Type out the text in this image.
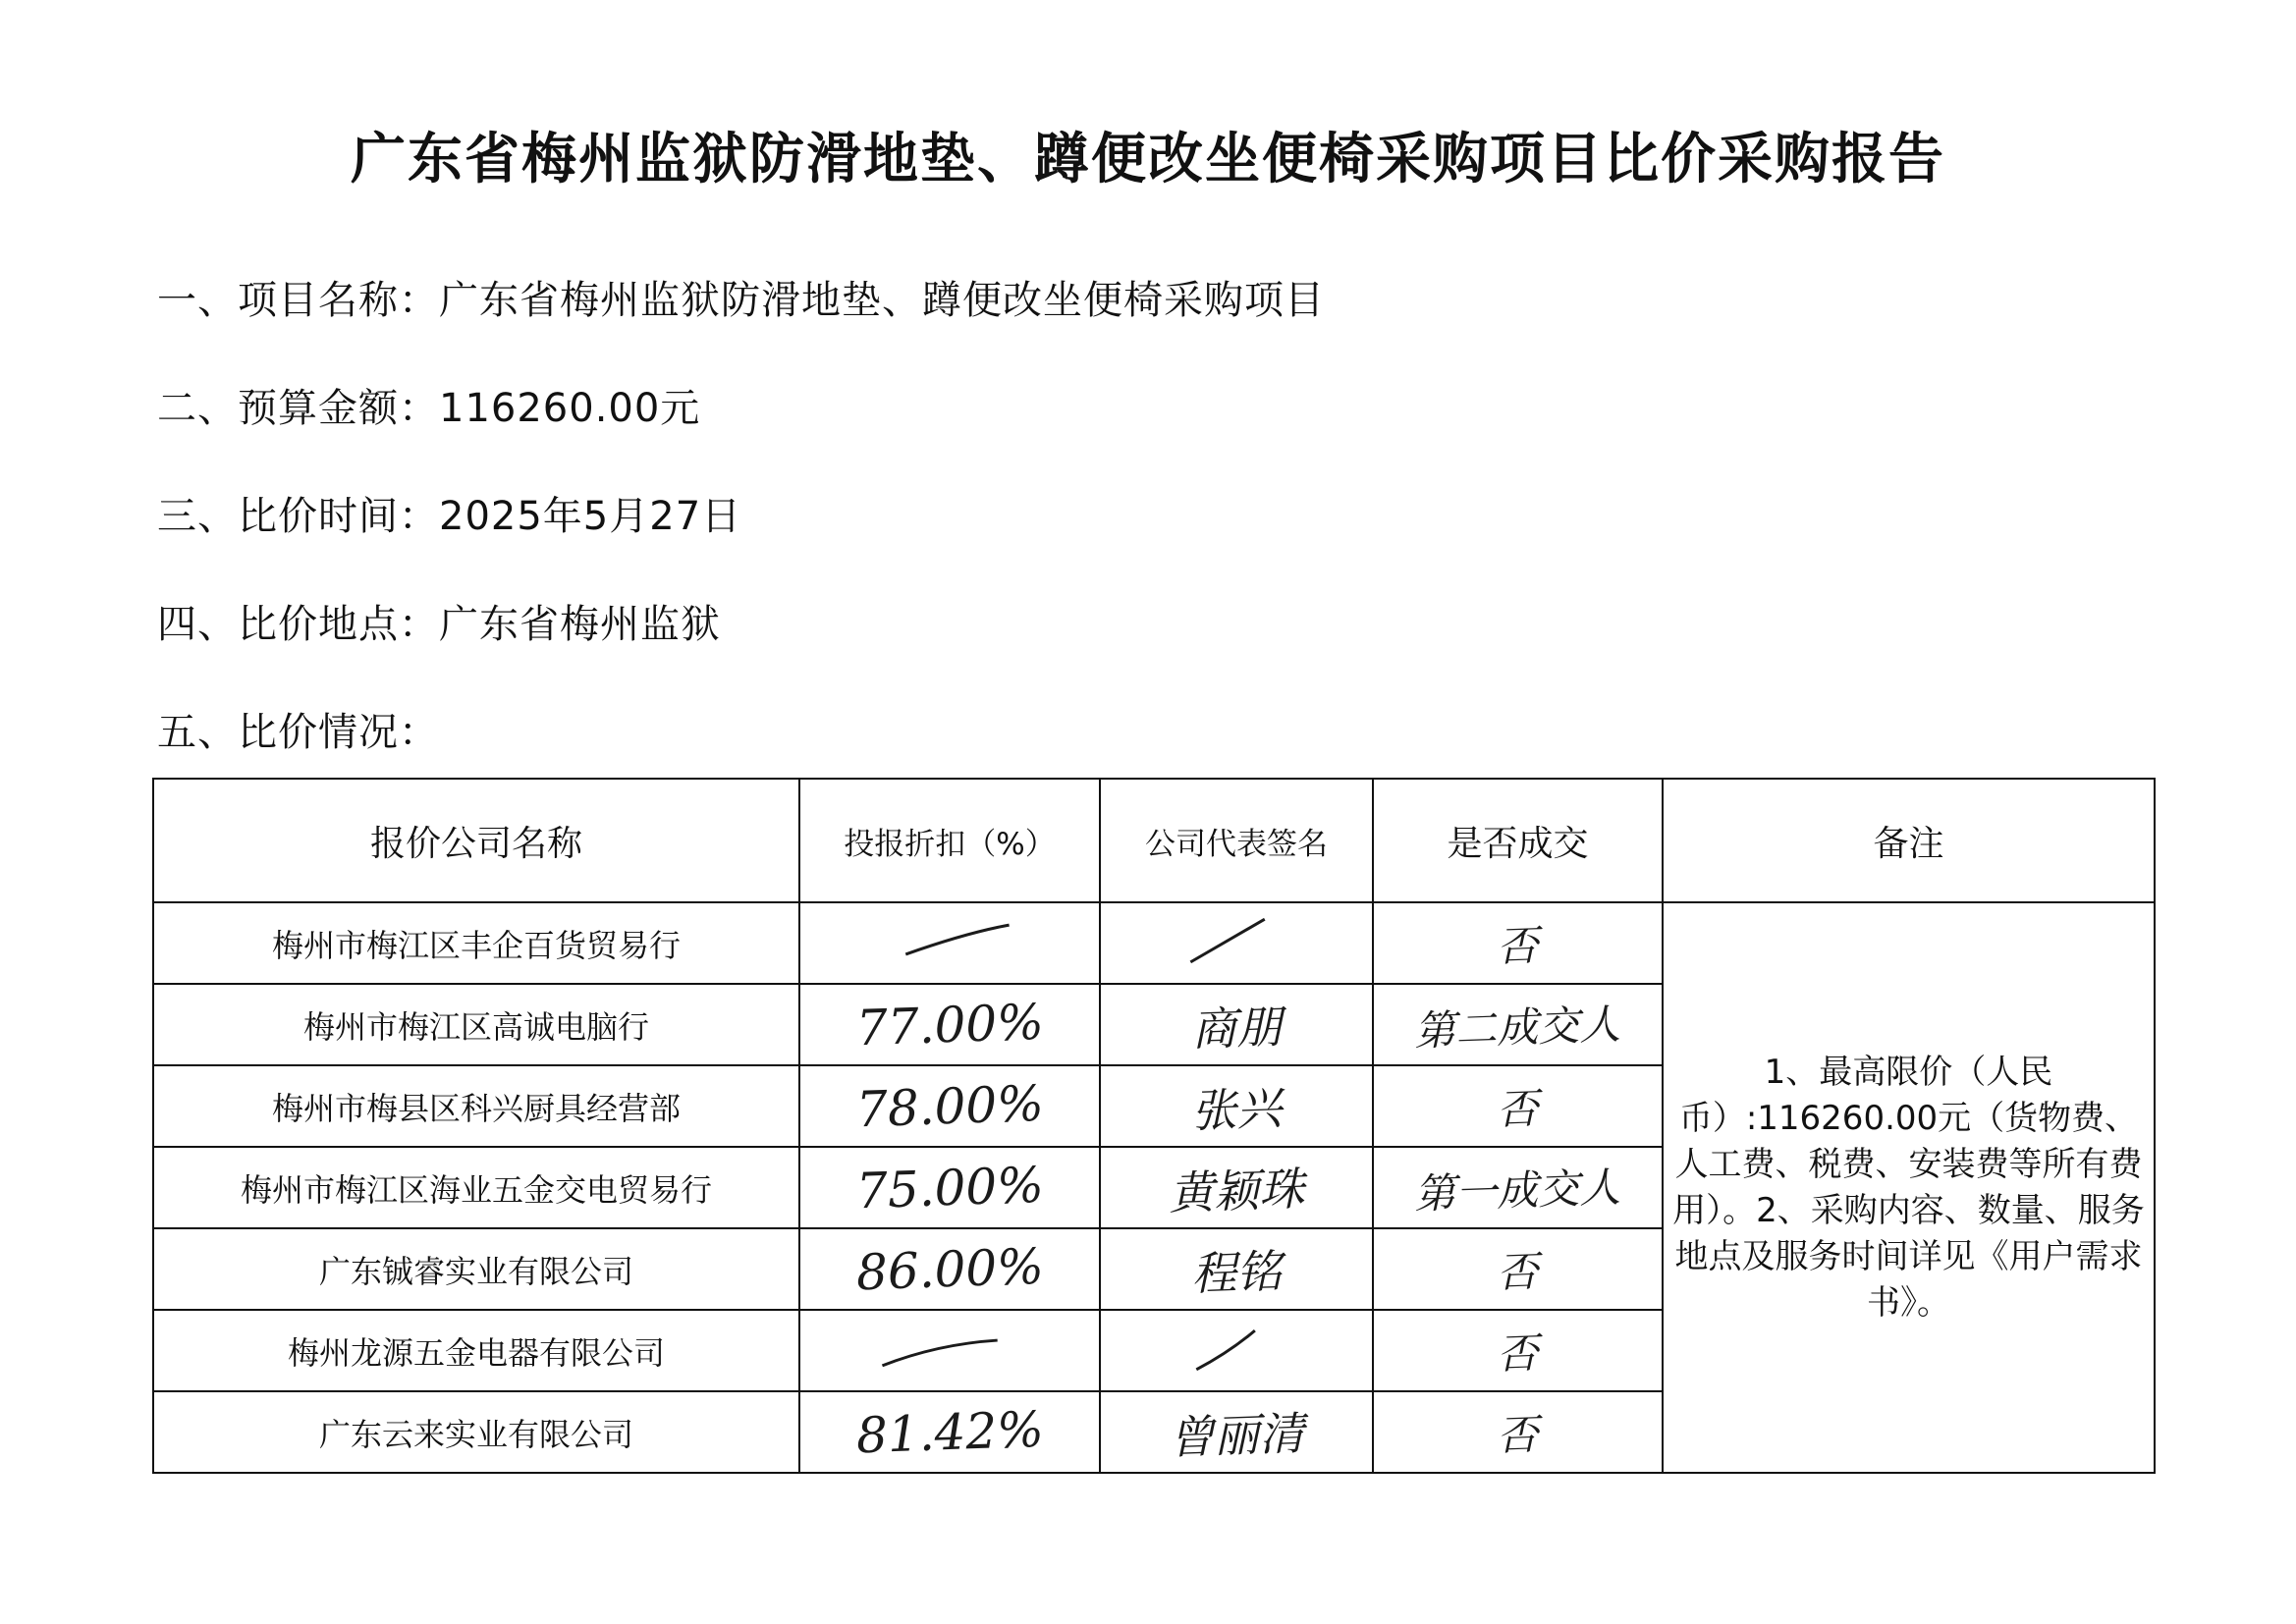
广东省梅州监狱防滑地垫、蹲便改坐便椅采购项目比价采购报告
一、项目名称：广东省梅州监狱防滑地垫、蹲便改坐便椅采购项目
二、预算金额：116260.00元
三、比价时间：2025年5月27日
四、比价地点：广东省梅州监狱
五、比价情况：
报价公司名称	投报折扣（%）	公司代表签名	是否成交	备注
梅州市梅江区丰企百货贸易行			否	1、最高限价（人民币）:116260.00元（货物费、人工费、税费、安装费等所有费用）。2、采购内容、数量、服务地点及服务时间详见《用户需求书》。
梅州市梅江区高诚电脑行	77.00%	商朋	第二成交人	
梅州市梅县区科兴厨具经营部	78.00%	张兴	否	
梅州市梅江区海业五金交电贸易行	75.00%	黄颖珠	第一成交人	
广东铖睿实业有限公司	86.00%	程铭	否	
梅州龙源五金电器有限公司			否	
广东云来实业有限公司	81.42%	曾丽清	否	
